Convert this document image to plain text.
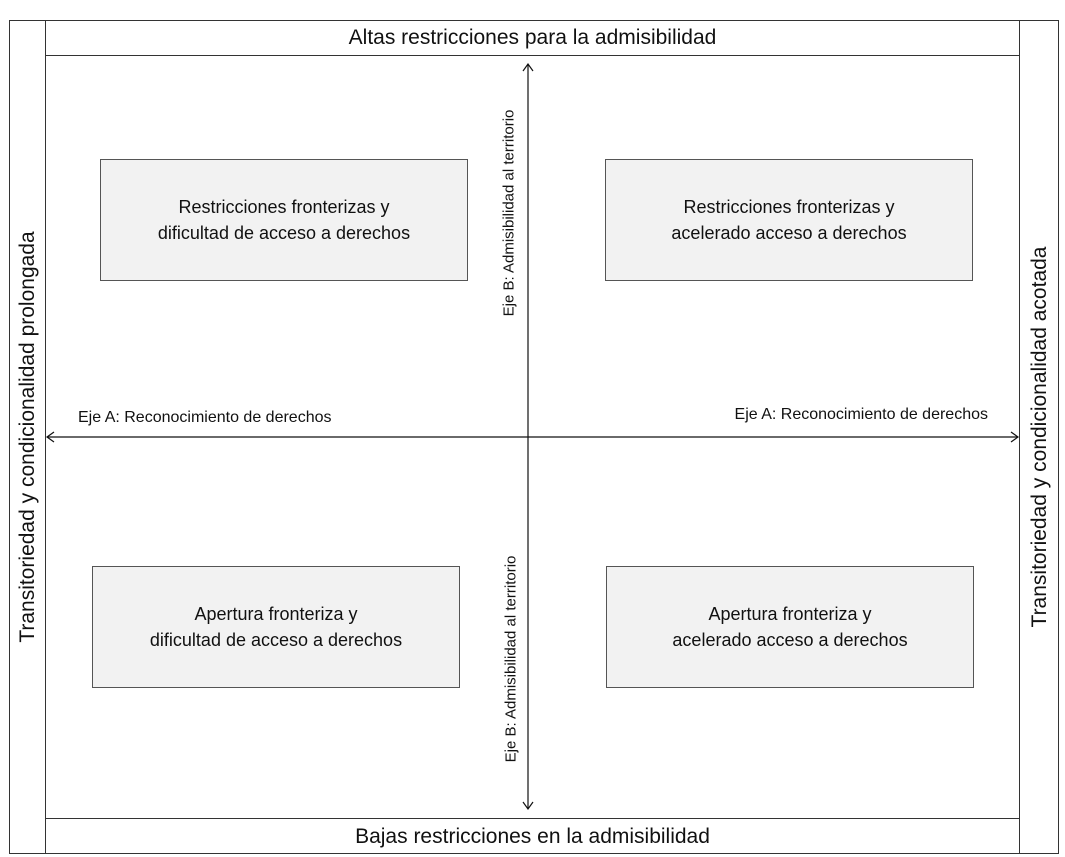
Altas restricciones para la admisibilidad
Bajas restricciones en la admisibilidad
Transitoriedad y condicionalidad prolongada	Transitoriedad y condicionalidad acotada
Eje A: Reconocimiento de derechos	Eje A: Reconocimiento de derechos
Eje B: Admisibilidad al territorio
Eje B: Admisibilidad al territorio
Restricciones fronterizas y
dificultad de acceso a derechos
Restricciones fronterizas y
acelerado acceso a derechos
Apertura fronteriza y
dificultad de acceso a derechos
Apertura fronteriza y
acelerado acceso a derechos
